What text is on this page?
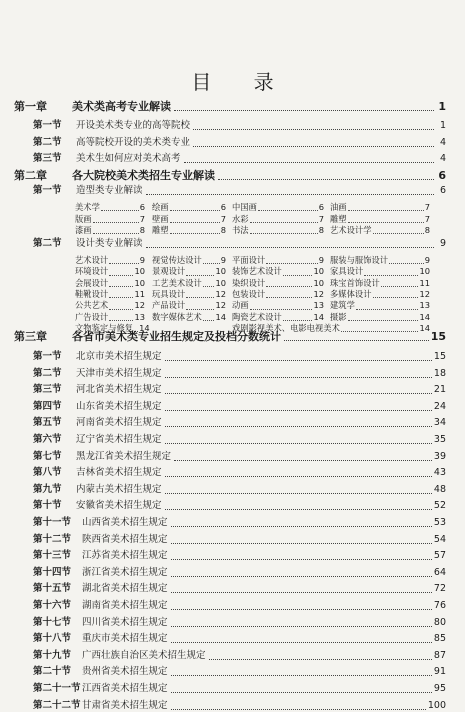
目 录
第一章	美术类高考专业解读	1
第一节	开设美术类专业的高等院校	1
第二节	高等院校开设的美术类专业	4
第三节	美术生如何应对美术高考	4
第二章	各大院校美术类招生专业解读	6
第一节	造型类专业解读	6
美术学	6 绘画	6 中国画	6 油画	7
版画	7 壁画	7 水彩	7 雕塑	7
漆画	8 雕塑	8 书法	8 艺术设计学	8
第二节	设计类专业解读	9
艺术设计	9 视觉传达设计 9 平面设计	9 服装与服饰设计	9
环境设计	10 景观设计	10 装饰艺术设计	10 家具设计	10
会展设计	10 工艺美术设计 10 染织设计	10 珠宝首饰设计	11
鞋靴设计	11 玩具设计	12 包装设计	12 多媒体设计	12
公共艺术	12 产品设计	12 动画	13 建筑学	13
广告设计	13 数字媒体艺术 14 陶瓷艺术设计	14 摄影	14
文物鉴定与修复 14	戏剧影视美术、电影电视美术	14
第三章	各省市美术类专业招生规定及投档分数统计	15
第一节	北京市美术招生规定	15
第二节	天津市美术招生规定	18
第三节	河北省美术招生规定	21
第四节	山东省美术招生规定	24
第五节	河南省美术招生规定	34
第六节	辽宁省美术招生规定	35
第七节	黑龙江省美术招生规定	39
第八节	吉林省美术招生规定	43
第九节	内蒙古美术招生规定	48
第十节	安徽省美术招生规定	52
第十一节	山西省美术招生规定	53
第十二节	陕西省美术招生规定	54
第十三节	江苏省美术招生规定	57
第十四节	浙江省美术招生规定	64
第十五节	湖北省美术招生规定	72
第十六节	湖南省美术招生规定	76
第十七节	四川省美术招生规定	80
第十八节	重庆市美术招生规定	85
第十九节	广西壮族自治区美术招生规定	87
第二十节	贵州省美术招生规定	91
第二十一节 江西省美术招生规定	95
第二十二节 甘肃省美术招生规定	100
